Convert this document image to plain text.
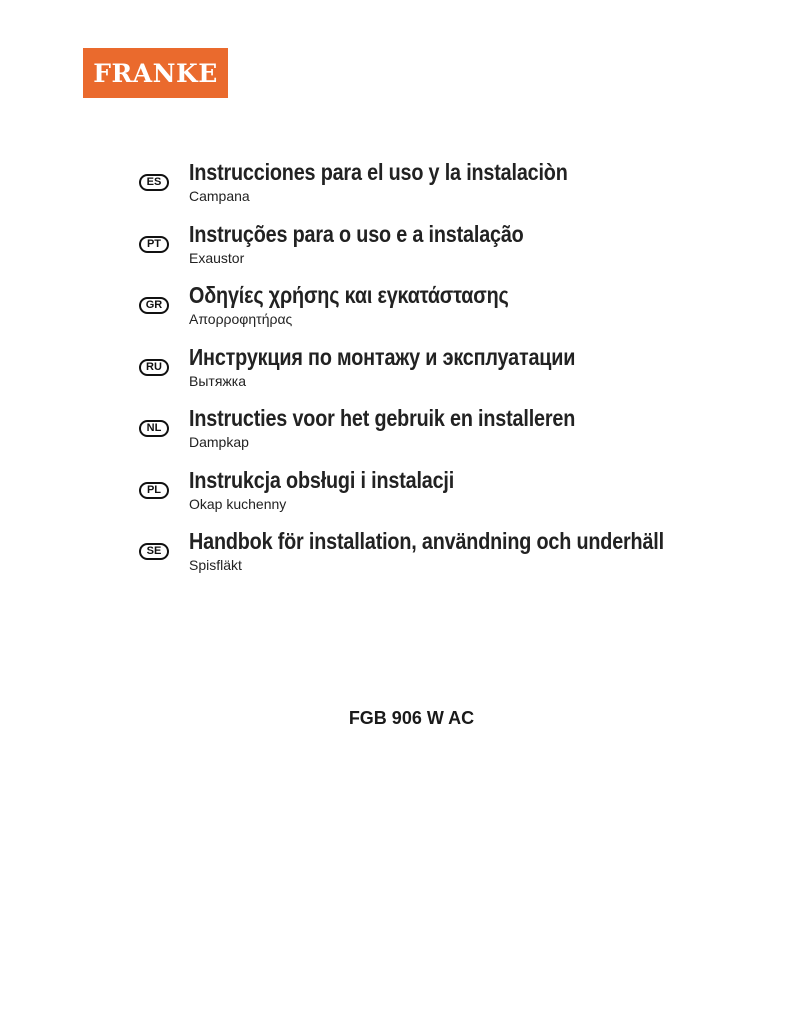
FRANKE
ES	Instrucciones para el uso y la instalaciòn
Campana
PT	Instruções para o uso e a instalação
Exaustor
GR Οδηγίες χρήσης και εγκατάστασης
Απορροφητήρας
RU	Инструкция по монтажу и эксплуатации
Вытяжка
NL	Instructies voor het gebruik en installeren
Dampkap
PL	Instrukcja obsługi i instalacji
Okap kuchenny
SE	Handbok för installation, användning och underhäll
Spisfläkt
FGB 906 W AC
